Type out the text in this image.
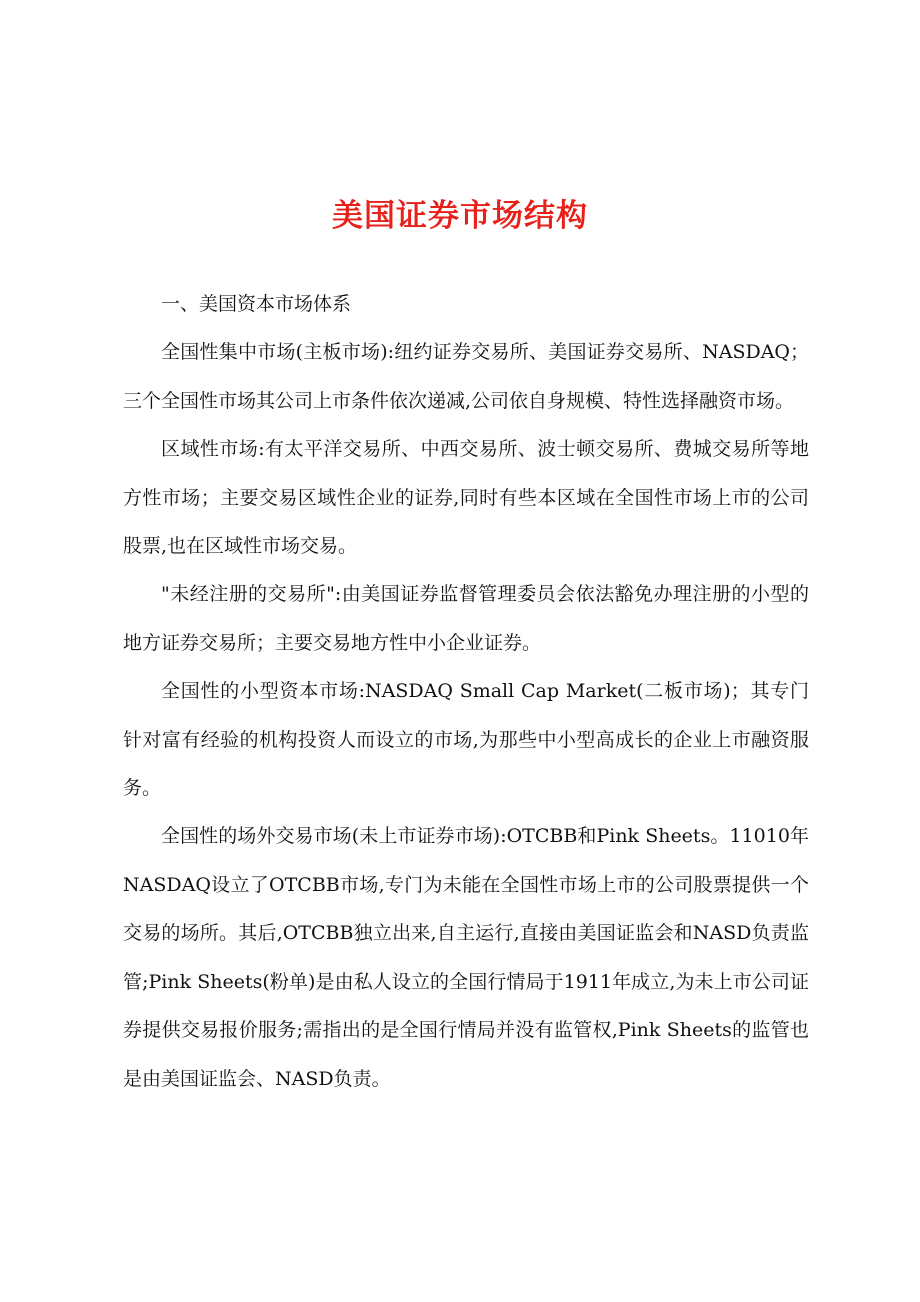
美国证券市场结构

一、美国资本市场体系

全国性集中市场(主板市场):纽约证券交易所、美国证券交易所、NASDAQ；三个全国性市场其公司上市条件依次递减,公司依自身规模、特性选择融资市场。

区域性市场:有太平洋交易所、中西交易所、波士顿交易所、费城交易所等地方性市场；主要交易区域性企业的证券,同时有些本区域在全国性市场上市的公司股票,也在区域性市场交易。

"未经注册的交易所":由美国证券监督管理委员会依法豁免办理注册的小型的地方证券交易所；主要交易地方性中小企业证券。

全国性的小型资本市场:NASDAQ Small Cap Market(二板市场)；其专门针对富有经验的机构投资人而设立的市场,为那些中小型高成长的企业上市融资服务。

全国性的场外交易市场(未上市证券市场):OTCBB和Pink Sheets。11010年NASDAQ设立了OTCBB市场,专门为未能在全国性市场上市的公司股票提供一个交易的场所。其后,OTCBB独立出来,自主运行,直接由美国证监会和NASD负责监管;Pink Sheets(粉单)是由私人设立的全国行情局于1911年成立,为未上市公司证券提供交易报价服务;需指出的是全国行情局并没有监管权,Pink Sheets的监管也是由美国证监会、NASD负责。
